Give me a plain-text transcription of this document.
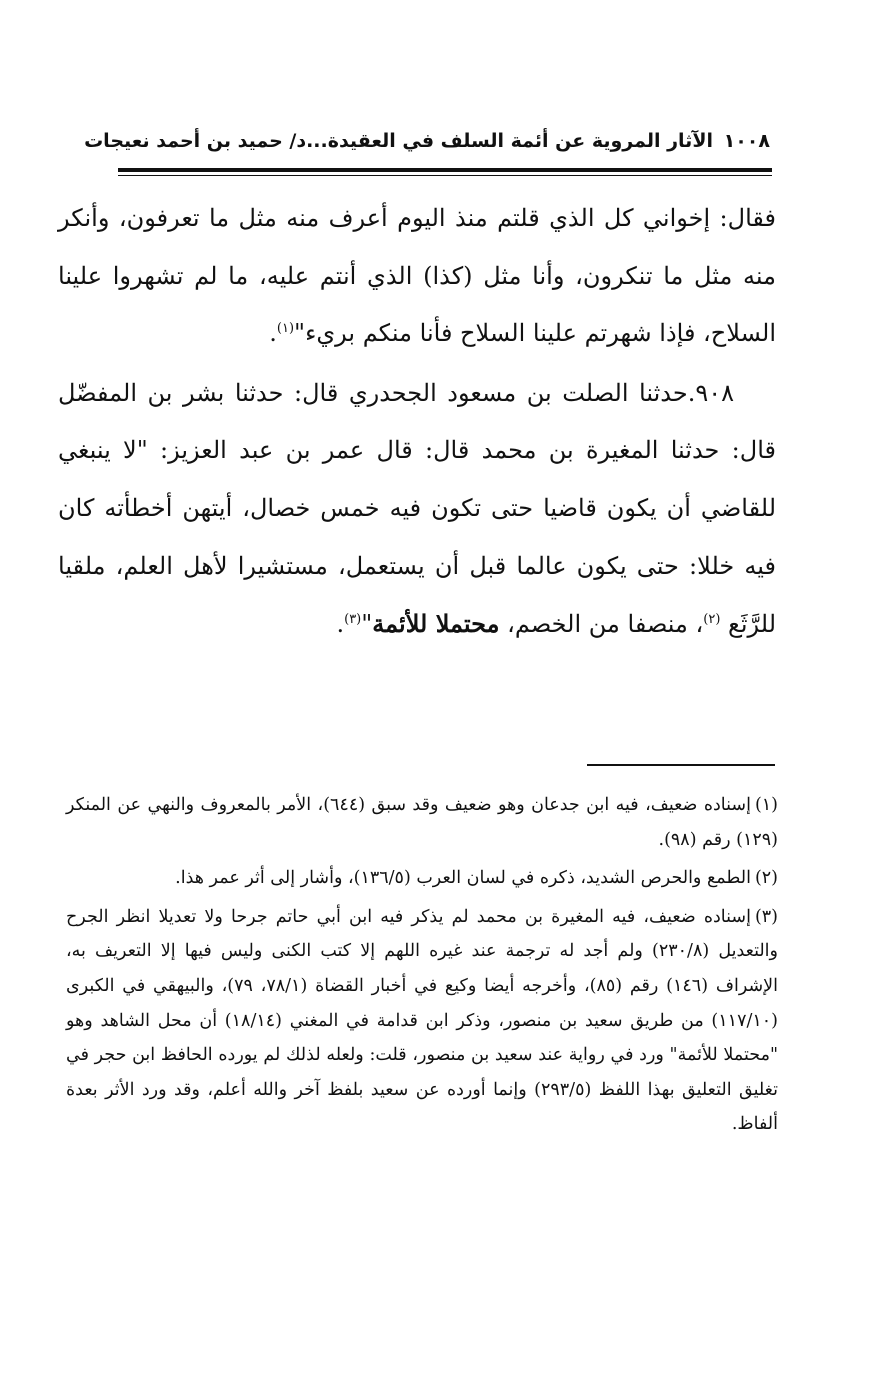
١٠٠٨ الآثار المروية عن أئمة السلف في العقيدة...د/ حميد بن أحمد نعيجات

فقال: إخواني كل الذي قلتم منذ اليوم أعرف منه مثل ما تعرفون، وأنكر منه مثل ما تنكرون، وأنا مثل (كذا) الذي أنتم عليه، ما لم تشهروا علينا السلاح، فإذا شهرتم علينا السلاح فأنا منكم بريء"$^{(١)}$.

٩٠٨.حدثنا الصلت بن مسعود الجحدري قال: حدثنا بشر بن المفضّل قال: حدثنا المغيرة بن محمد قال: قال عمر بن عبد العزيز: "لا ينبغي للقاضي أن يكون قاضيا حتى تكون فيه خمس خصال، أيتهن أخطأته كان فيه خللا: حتى يكون عالما قبل أن يستعمل، مستشيرا لأهل العلم، ملقيا للرَّثَع $^{(٢)}$، منصفا من الخصم، محتملا للأئمة"$^{(٣)}$.

(١)إسناده ضعيف، فيه ابن جدعان وهو ضعيف وقد سبق (٦٤٤)، الأمر بالمعروف والنهي عن المنكر (١٢٩) رقم (٩٨).

(٢)الطمع والحرص الشديد، ذكره في لسان العرب (١٣٦/٥)، وأشار إلى أثر عمر هذا.

(٣)إسناده ضعيف، فيه المغيرة بن محمد لم يذكر فيه ابن أبي حاتم جرحا ولا تعديلا انظر الجرح والتعديل (٢٣٠/٨) ولم أجد له ترجمة عند غيره اللهم إلا كتب الكنى وليس فيها إلا التعريف به، الإشراف (١٤٦) رقم (٨٥)، وأخرجه أيضا وكيع في أخبار القضاة (٧٨/١، ٧٩)، والبيهقي في الكبرى (١١٧/١٠) من طريق سعيد بن منصور، وذكر ابن قدامة في المغني (١٨/١٤) أن محل الشاهد وهو "محتملا للأئمة" ورد في رواية عند سعيد بن منصور، قلت: ولعله لذلك لم يورده الحافظ ابن حجر في تغليق التعليق بهذا اللفظ (٢٩٣/٥) وإنما أورده عن سعيد بلفظ آخر والله أعلم، وقد ورد الأثر بعدة ألفاظ.
